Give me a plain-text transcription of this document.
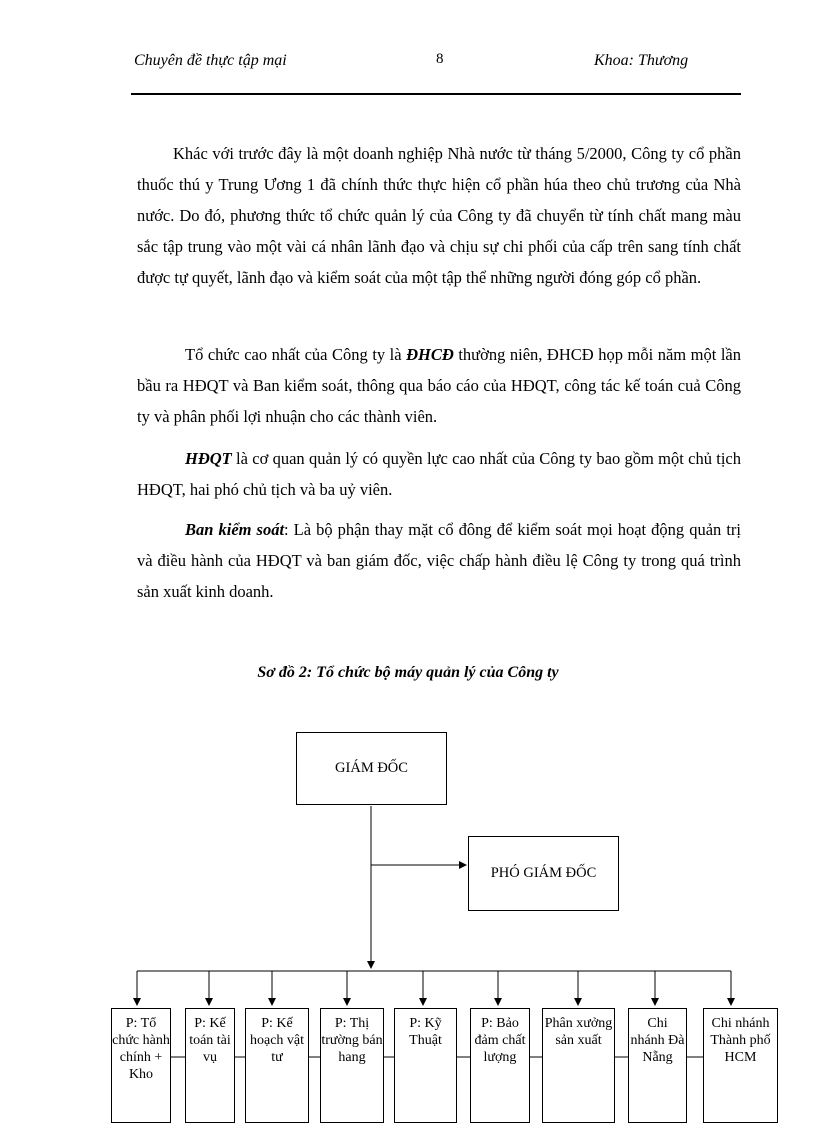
Chuyên đề thực tập mại	8	Khoa: Thương

Khác với trước đây là một doanh nghiệp Nhà nước từ tháng 5/2000, Công ty cổ phần thuốc thú y Trung Ương 1 đã chính thức thực hiện cổ phần húa theo chủ trương của Nhà nước. Do đó, phương thức tổ chức quản lý của Công ty đã chuyển từ tính chất mang màu sắc tập trung vào một vài cá nhân lãnh đạo và chịu sự chi phối của cấp trên sang tính chất được tự quyết, lãnh đạo và kiểm soát của một tập thể những người đóng góp cổ phần.

Tổ chức cao nhất của Công ty là ĐHCĐ thường niên, ĐHCĐ họp mỗi năm một lần bầu ra HĐQT và Ban kiểm soát, thông qua báo cáo của HĐQT, công tác kế toán cuả Công ty và phân phối lợi nhuận cho các thành viên.

HĐQT là cơ quan quản lý có quyền lực cao nhất của Công ty bao gồm một chủ tịch HĐQT, hai phó chủ tịch và ba uỷ viên.

Ban kiểm soát: Là bộ phận thay mặt cổ đông để kiểm soát mọi hoạt động quản trị và điều hành của HĐQT và ban giám đốc, việc chấp hành điều lệ Công ty trong quá trình sản xuất kinh doanh.

Sơ đồ 2: Tổ chức bộ máy quản lý của Công ty
GIÁM ĐỐC
PHÓ GIÁM ĐỐC
P: Tổ chức hành chính + Kho
P: Kế toán tài vụ
P: Kế hoạch vật tư
P: Thị trường bán hang
P: Kỹ Thuật
P: Bảo đảm chất lượng
Phân xưởng sản xuất
Chi nhánh Đà Nẵng
Chi nhánh Thành phố HCM
